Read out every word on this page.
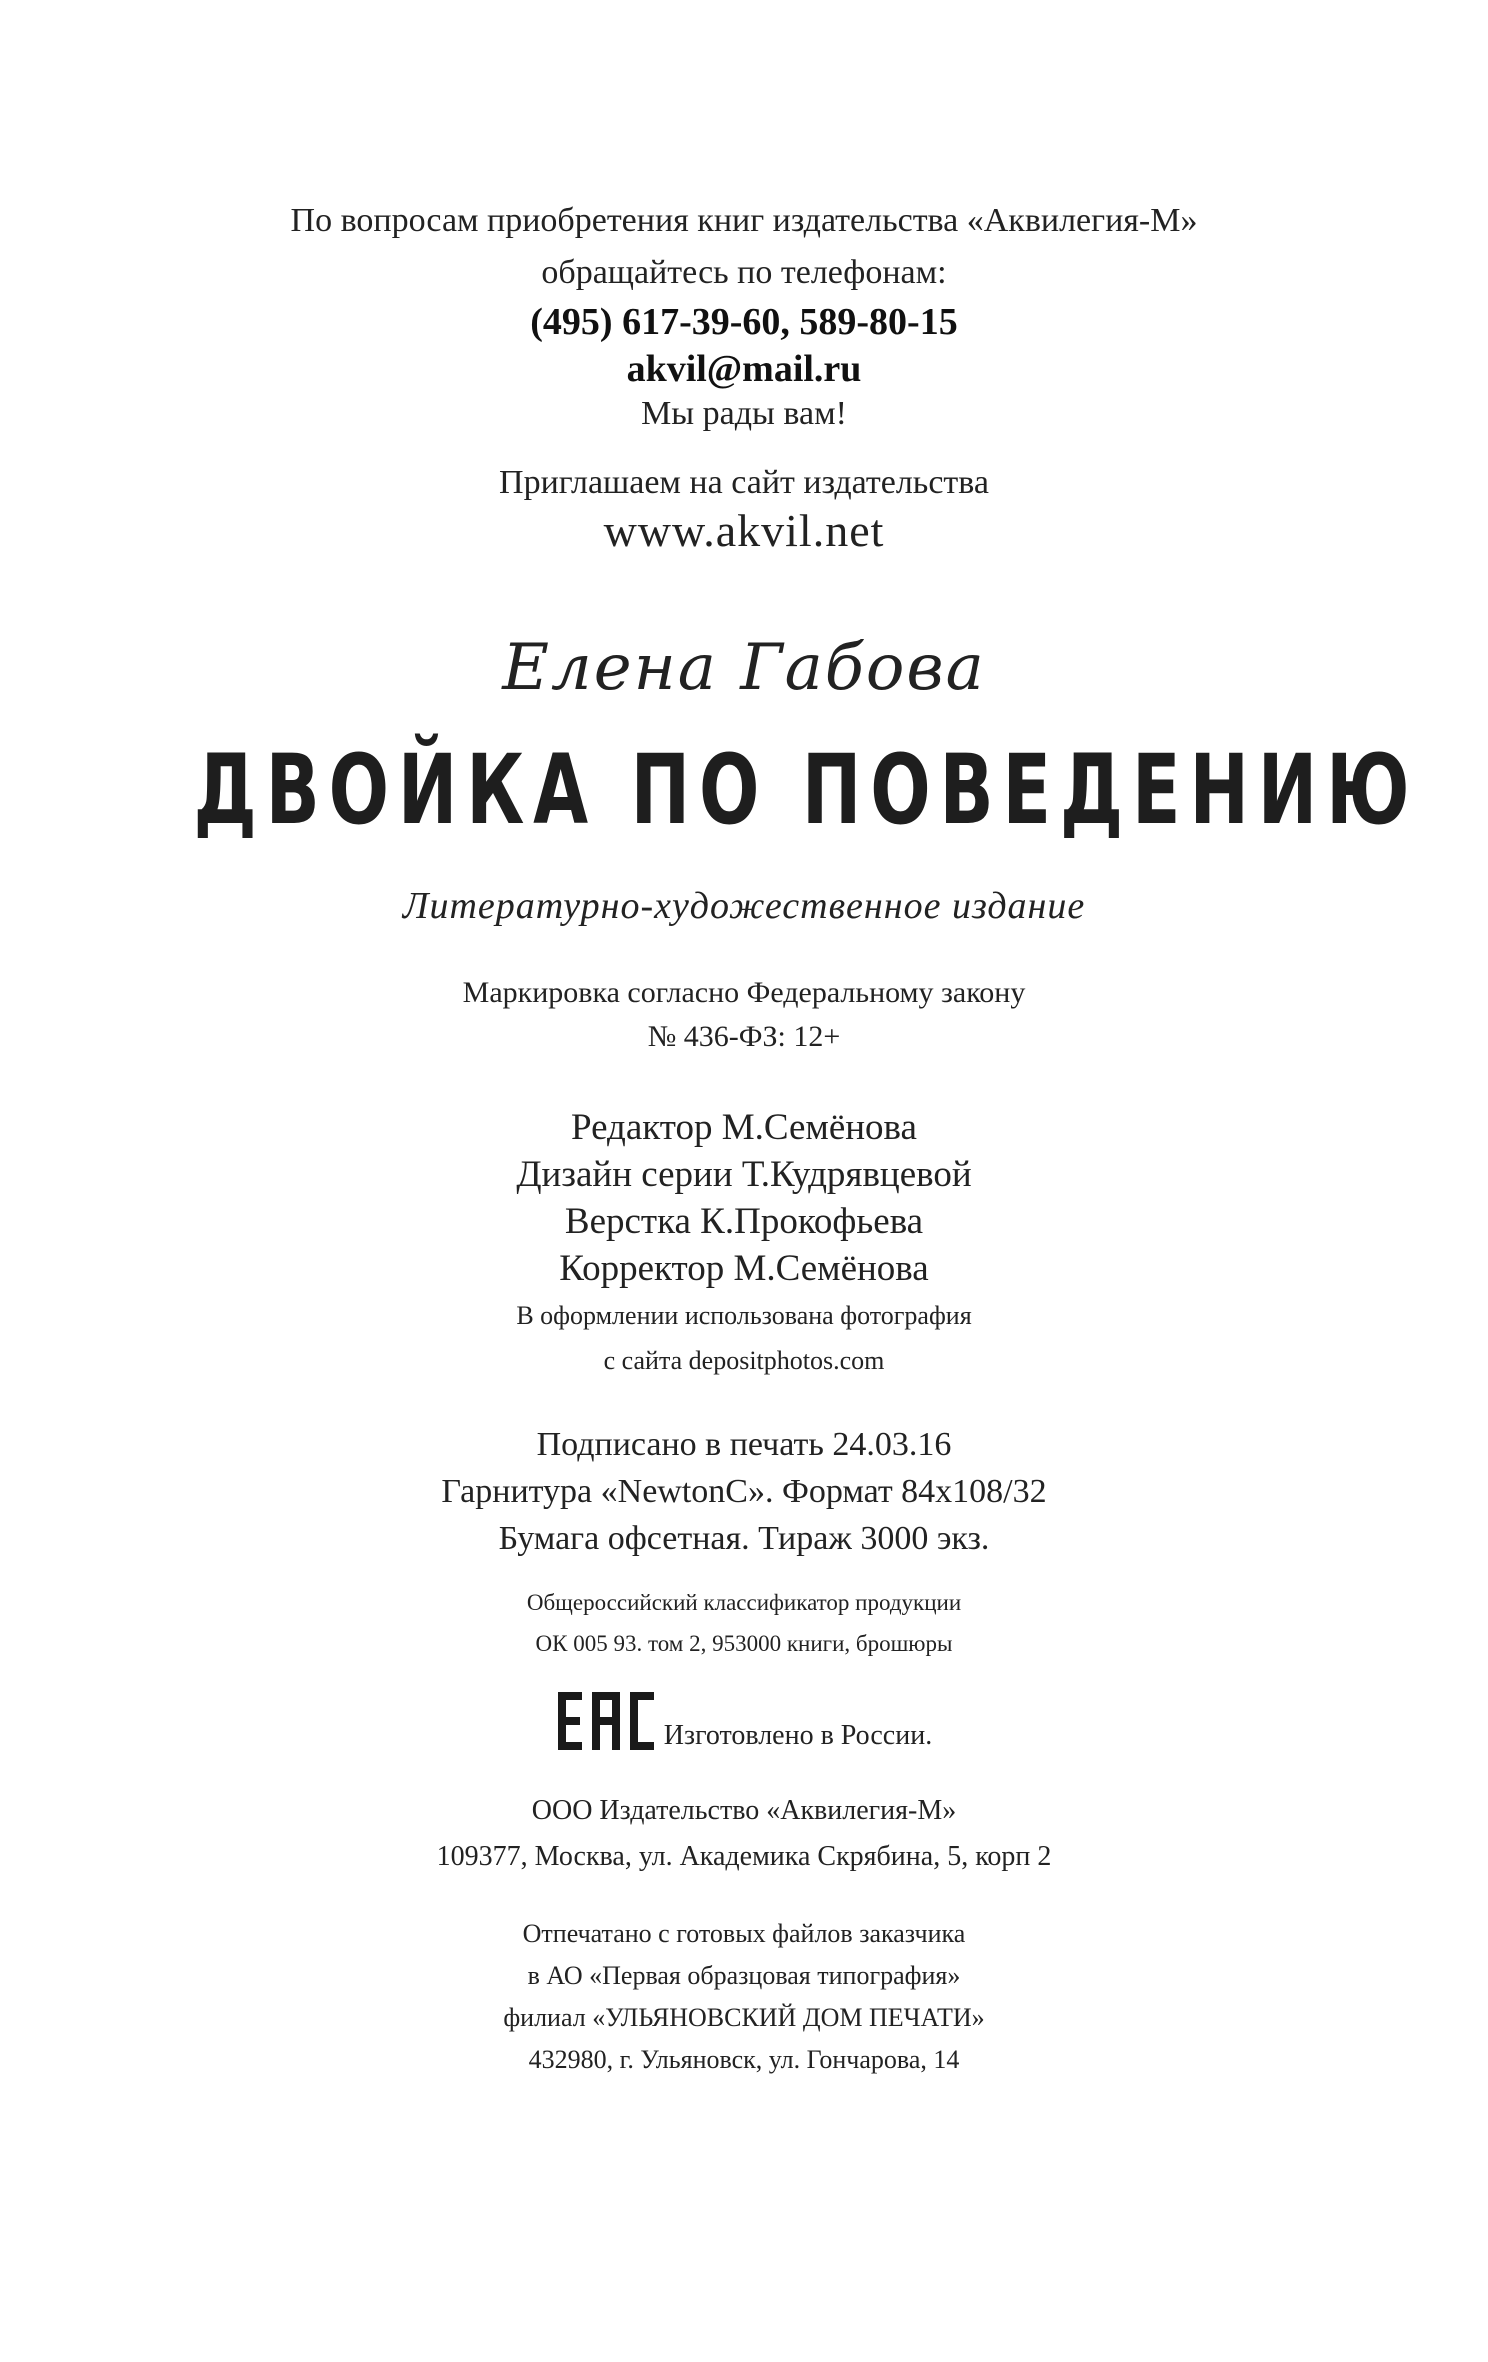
По вопросам приобретения книг издательства «Аквилегия-М»
обращайтесь по телефонам:
(495) 617-39-60, 589-80-15
akvil@mail.ru
Мы рады вам!
Приглашаем на сайт издательства
www.akvil.net
Елена Габова
ДВОЙКА ПО ПОВЕДЕНИЮ
Литературно-художественное издание
Маркировка согласно Федеральному закону
№ 436-ФЗ: 12+
Редактор М.Семёнова
Дизайн серии Т.Кудрявцевой
Верстка К.Прокофьева
Корректор М.Семёнова
В оформлении использована фотография
с сайта depositphotos.com
Подписано в печать 24.03.16
Гарнитура «NewtonC». Формат 84х108/32
Бумага офсетная. Тираж 3000 экз.
Общероссийский классификатор продукции
ОК 005 93. том 2, 953000 книги, брошюры
Изготовлено в России.
ООО Издательство «Аквилегия-М»
109377, Москва, ул. Академика Скрябина, 5, корп 2
Отпечатано с готовых файлов заказчика
в АО «Первая образцовая типография»
филиал «УЛЬЯНОВСКИЙ ДОМ ПЕЧАТИ»
432980, г. Ульяновск, ул. Гончарова, 14
